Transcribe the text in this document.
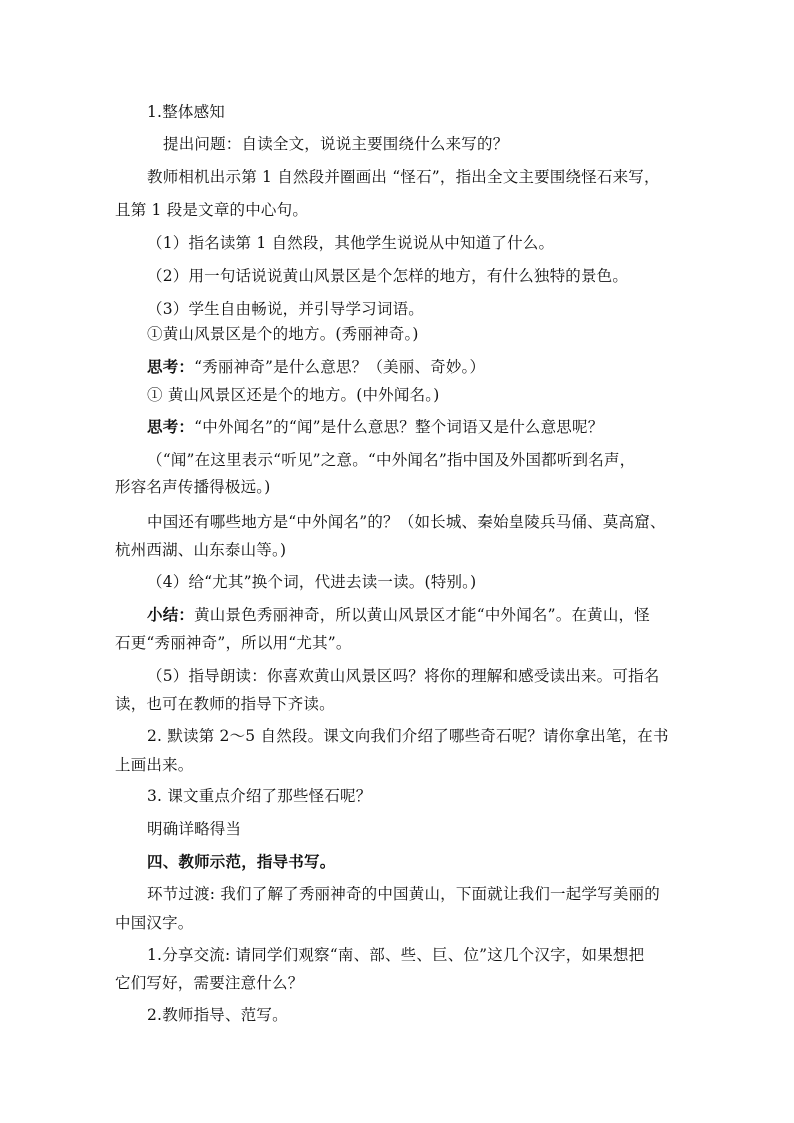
1.整体感知
提出问题：自读全文，说说主要围绕什么来写的？
教师相机出示第 1 自然段并圈画出 “怪石”，指出全文主要围绕怪石来写，
且第 1 段是文章的中心句。
（1）指名读第 1 自然段，其他学生说说从中知道了什么。
（2）用一句话说说黄山风景区是个怎样的地方，有什么独特的景色。
（3）学生自由畅说，并引导学习词语。
①黄山风景区是个的地方。(秀丽神奇。)
思考：“秀丽神奇”是什么意思？（美丽、奇妙。）
① 黄山风景区还是个的地方。(中外闻名。)
思考：“中外闻名”的“闻”是什么意思？整个词语又是什么意思呢？
（“闻”在这里表示“听见”之意。“中外闻名”指中国及外国都听到名声，
形容名声传播得极远。)
中国还有哪些地方是“中外闻名”的？（如长城、秦始皇陵兵马俑、莫高窟、
杭州西湖、山东泰山等。)
（4）给“尤其”换个词，代进去读一读。(特别。)
小结：黄山景色秀丽神奇，所以黄山风景区才能“中外闻名”。在黄山，怪
石更“秀丽神奇”，所以用“尤其”。
（5）指导朗读：你喜欢黄山风景区吗？将你的理解和感受读出来。可指名
读，也可在教师的指导下齐读。
2. 默读第 2～5 自然段。课文向我们介绍了哪些奇石呢？请你拿出笔，在书
上画出来。
3. 课文重点介绍了那些怪石呢？
明确详略得当
四、教师示范，指导书写。
环节过渡: 我们了解了秀丽神奇的中国黄山，下面就让我们一起学写美丽的
中国汉字。
1.分享交流: 请同学们观察“南、部、些、巨、位”这几个汉字，如果想把
它们写好，需要注意什么？
2.教师指导、范写。
